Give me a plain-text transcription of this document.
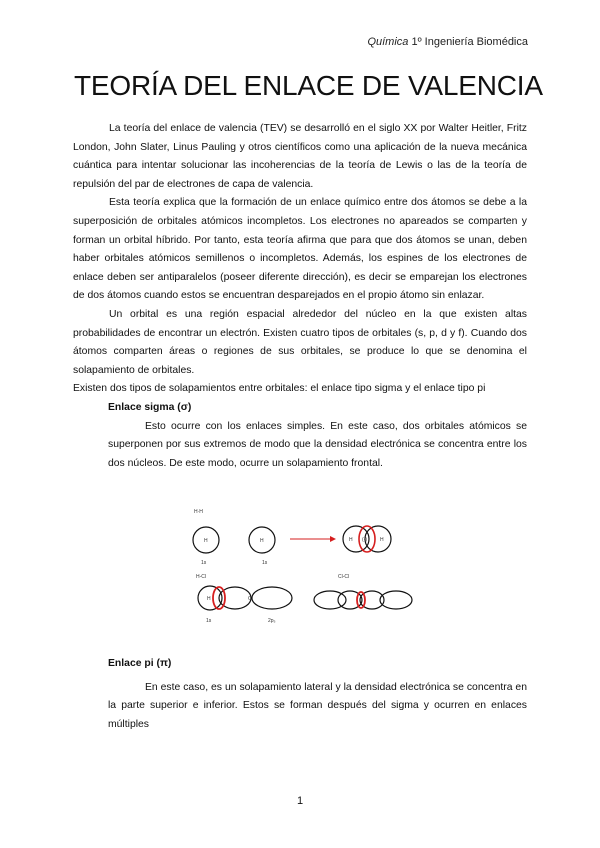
Química 1º Ingeniería Biomédica
TEORÍA DEL ENLACE DE VALENCIA

La teoría del enlace de valencia (TEV) se desarrolló en el siglo XX por Walter Heitler, Fritz London, John Slater, Linus Pauling y otros científicos como una aplicación de la nueva mecánica cuántica para intentar solucionar las incoherencias de la teoría de Lewis o las de la teoría de repulsión del par de electrones de capa de valencia.

Esta teoría explica que la formación de un enlace químico entre dos átomos se debe a la superposición de orbitales atómicos incompletos. Los electrones no apareados se comparten y forman un orbital híbrido. Por tanto, esta teoría afirma que para que dos átomos se unan, deben haber orbitales atómicos semillenos o incompletos. Además, los espines de los electrones de enlace deben ser antiparalelos (poseer diferente dirección), es decir se emparejan los electrones de dos átomos cuando estos se encuentran desparejados en el propio átomo sin enlazar.

Un orbital es una región espacial alrededor del núcleo en la que existen altas probabilidades de encontrar un electrón. Existen cuatro tipos de orbitales (s, p, d y f). Cuando dos átomos comparten áreas o regiones de sus orbitales, se produce lo que se denomina el solapamiento de orbitales.

Existen dos tipos de solapamientos entre orbitales: el enlace tipo sigma y el enlace tipo pi

Enlace sigma (σ)

Esto ocurre con los enlaces simples. En este caso, dos orbitales atómicos se superponen por sus extremos de modo que la densidad electrónica se concentra entre los dos núcleos. De este modo, ocurre un solapamiento frontal.

H·H
H
1s
H
1s
H (·)	H
H-Cl
H	Cl
1s	2p₅
Cl-Cl

Enlace pi (π)

En este caso, es un solapamiento lateral y la densidad electrónica se concentra en la parte superior e inferior. Estos se forman después del sigma y ocurren en enlaces múltiples

1
